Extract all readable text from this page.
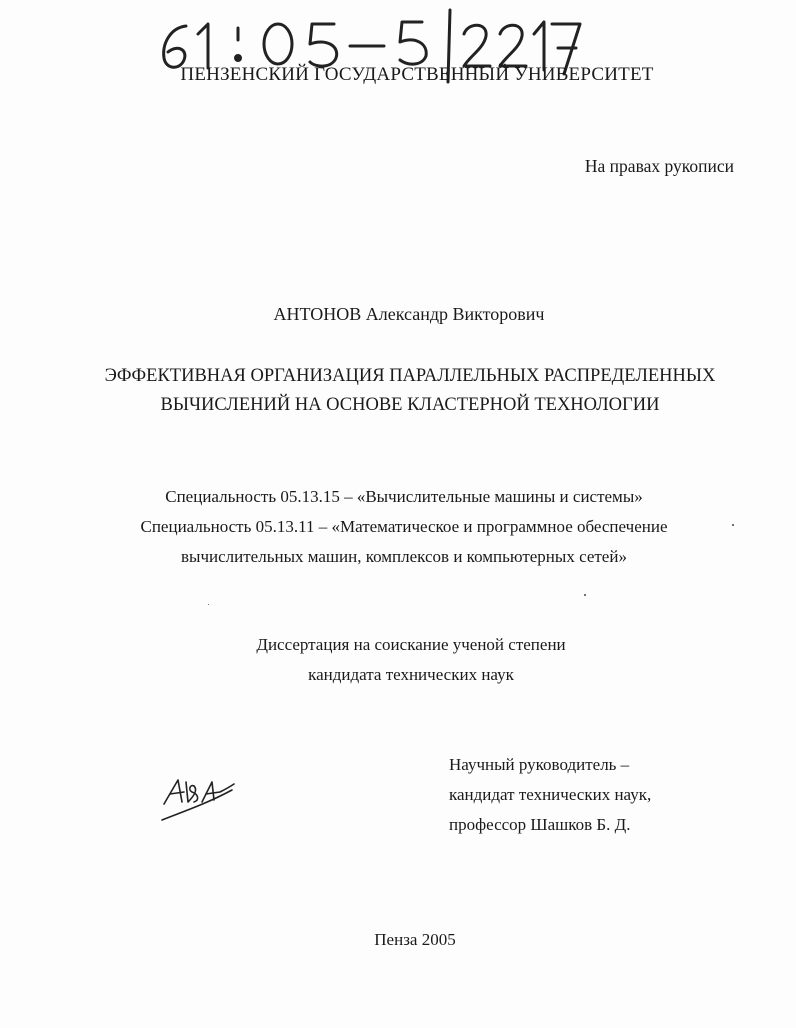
ПЕНЗЕНСКИЙ ГОСУДАРСТВЕННЫЙ УНИВЕРСИТЕТ
На правах рукописи
АНТОНОВ Александр Викторович
ЭФФЕКТИВНАЯ ОРГАНИЗАЦИЯ ПАРАЛЛЕЛЬНЫХ РАСПРЕДЕЛЕННЫХ
ВЫЧИСЛЕНИЙ НА ОСНОВЕ КЛАСТЕРНОЙ ТЕХНОЛОГИИ
Специальность 05.13.15 – «Вычислительные машины и системы»
Специальность 05.13.11 – «Математическое и программное обеспечение
вычислительных машин, комплексов и компьютерных сетей»
Диссертация на соискание ученой степени
кандидата технических наук
Научный руководитель –
кандидат технических наук,
профессор Шашков Б. Д.
Пенза 2005
